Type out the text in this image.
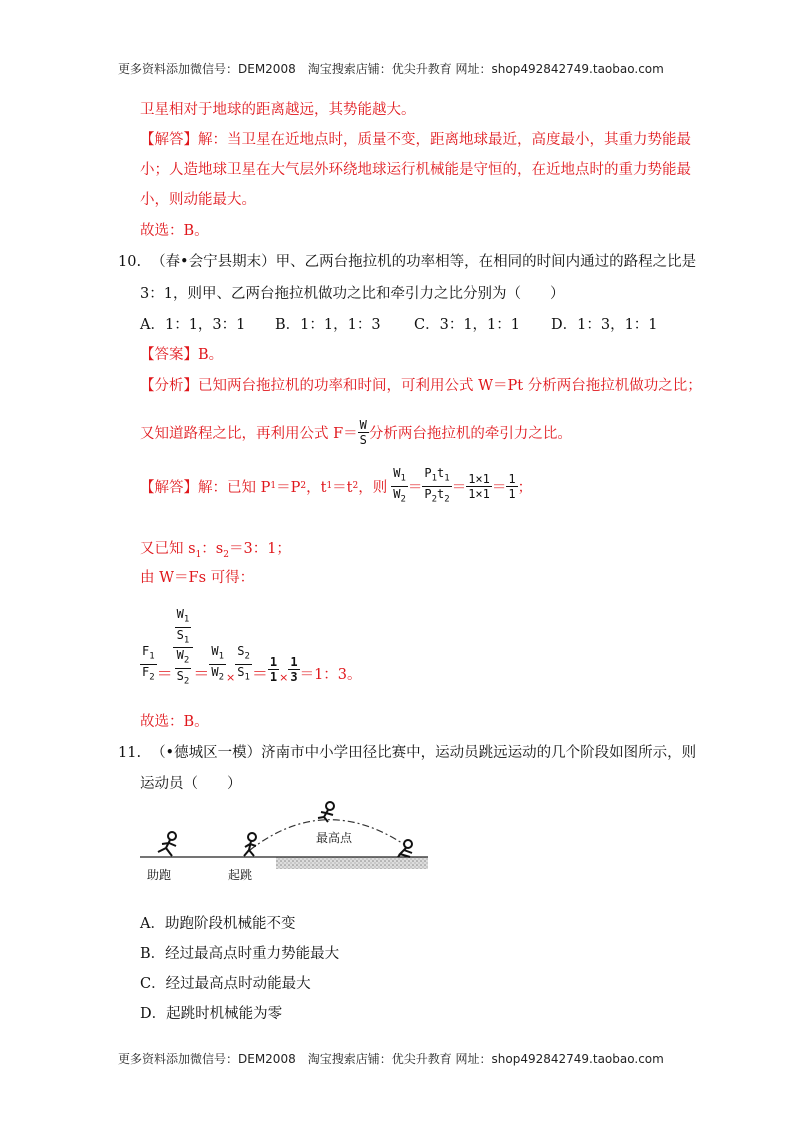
更多资料添加微信号：DEM2008　淘宝搜索店铺：优尖升教育 网址：shop492842749.taobao.com
更多资料添加微信号：DEM2008　淘宝搜索店铺：优尖升教育 网址：shop492842749.taobao.com
卫星相对于地球的距离越远，其势能越大。
【解答】解：当卫星在近地点时，质量不变，距离地球最近，高度最小，其重力势能最
小；人造地球卫星在大气层外环绕地球运行机械能是守恒的，在近地点时的重力势能最
小，则动能最大。
故选：B。
10. （春•会宁县期末）甲、乙两台拖拉机的功率相等，在相同的时间内通过的路程之比是
3：1，则甲、乙两台拖拉机做功之比和牵引力之比分别为（　　）
A．1：1，3：1 B．1：1，1：3 C．3：1，1：1 D．1：3，1：1
【答案】B。
【分析】已知两台拖拉机的功率和时间，可利用公式 W＝Pt 分析两台拖拉机做功之比；
又知道路程之比，再利用公式 $F= \frac{W}{S}$ 分析两台拖拉机的牵引力之比。
【解答】解：已知 P 1 ＝P 2 ，t 1 ＝t 2 ，则 $\frac{W_1}{W_2} = \frac{P_1t_1}{P_2t_2} = \frac{1\times 1}{1\times 1} = \frac{1}{1}$ ；
又已知 $s_1$：$s_2=3$：1；
由 W＝Fs 可得：
$\frac{F_1}{F_2} = \frac{\frac{W_1}{S_1}}{\frac{W_2}{S_2}} = \frac{W_1}{W_2} \times \frac{S_2}{S_1} = \frac{1}{1} \times \frac{1}{3} =1$：3。
故选：B。
11. （•德城区一模）济南市中小学田径比赛中，运动员跳远运动的几个阶段如图所示，则
运动员（　　）
助跑	起跳
最高点
A．助跑阶段机械能不变
B．经过最高点时重力势能最大
C．经过最高点时动能最大
D．起跳时机械能为零
